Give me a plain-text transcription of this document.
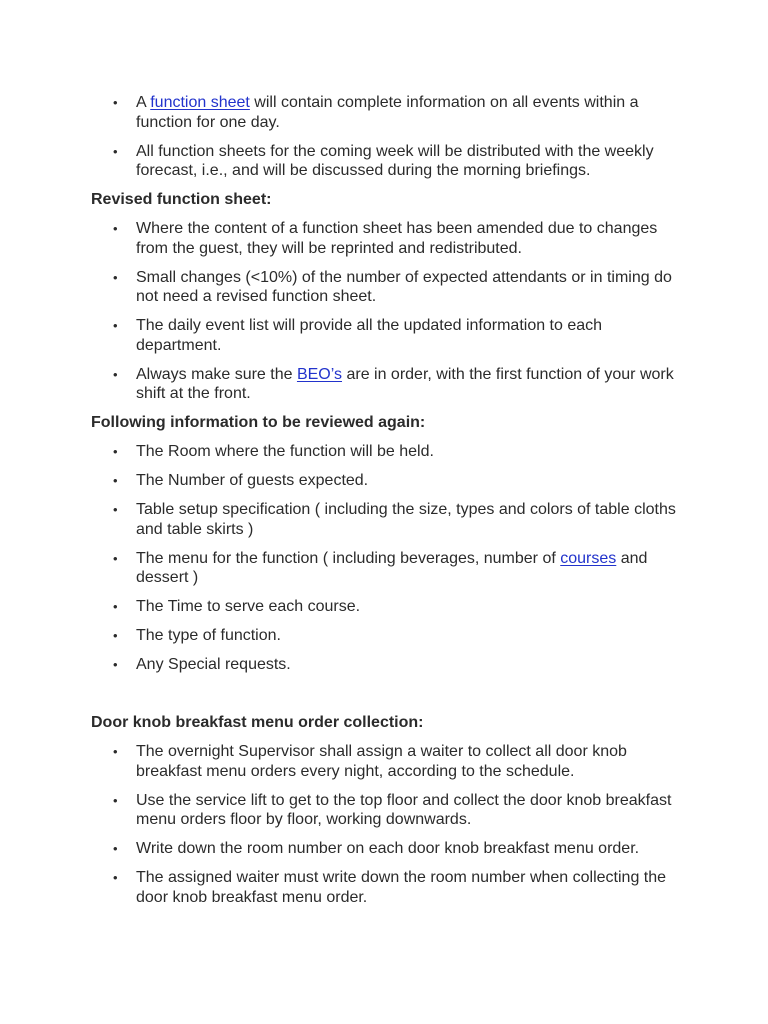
• A function sheet will contain complete information on all events within a function for one day.
• All function sheets for the coming week will be distributed with the weekly forecast, i.e., and will be discussed during the morning briefings.
Revised function sheet:
• Where the content of a function sheet has been amended due to changes from the guest, they will be reprinted and redistributed.
• Small changes (<10%) of the number of expected attendants or in timing do not need a revised function sheet.
• The daily event list will provide all the updated information to each department.
• Always make sure the BEO’s are in order, with the first function of your work shift at the front.
Following information to be reviewed again:
• The Room where the function will be held.
• The Number of guests expected.
• Table setup specification ( including the size, types and colors of table cloths and table skirts )
• The menu for the function ( including beverages, number of courses and dessert )
• The Time to serve each course.
• The type of function.
• Any Special requests.
Door knob breakfast menu order collection:
• The overnight Supervisor shall assign a waiter to collect all door knob breakfast menu orders every night, according to the schedule.
• Use the service lift to get to the top floor and collect the door knob breakfast menu orders floor by floor, working downwards.
• Write down the room number on each door knob breakfast menu order.
• The assigned waiter must write down the room number when collecting the door knob breakfast menu order.
